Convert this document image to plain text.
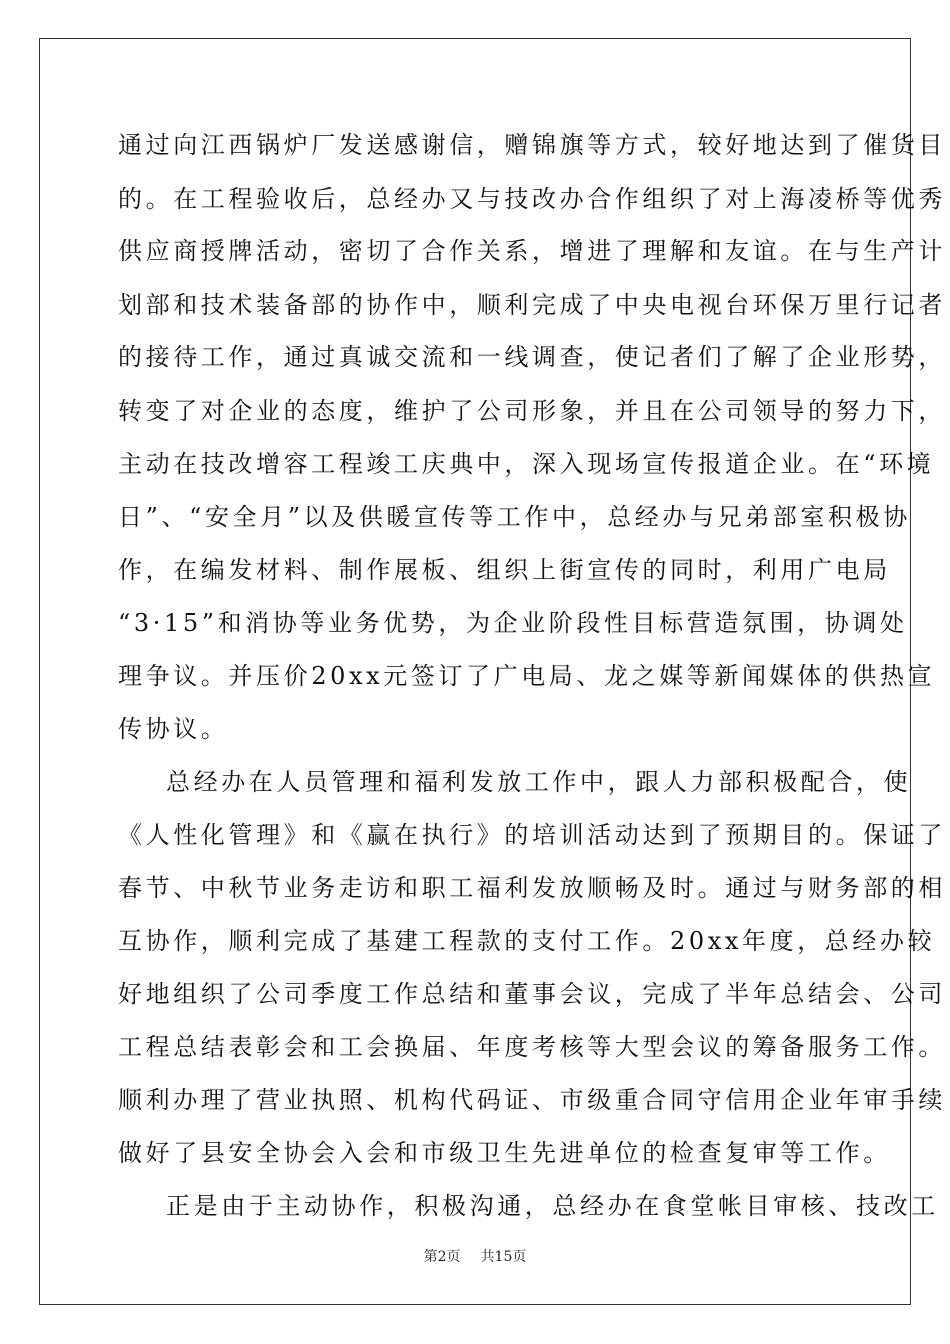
通过向江西锅炉厂发送感谢信，赠锦旗等方式，较好地达到了催货目
的。在工程验收后，总经办又与技改办合作组织了对上海凌桥等优秀
供应商授牌活动，密切了合作关系，增进了理解和友谊。在与生产计
划部和技术装备部的协作中，顺利完成了中央电视台环保万里行记者
的接待工作，通过真诚交流和一线调查，使记者们了解了企业形势，
转变了对企业的态度，维护了公司形象，并且在公司领导的努力下，
主动在技改增容工程竣工庆典中，深入现场宣传报道企业。在“环境
日”、“安全月”以及供暖宣传等工作中，总经办与兄弟部室积极协
作，在编发材料、制作展板、组织上街宣传的同时，利用广电局
“3·15”和消协等业务优势，为企业阶段性目标营造氛围，协调处
理争议。并压价20xx元签订了广电局、龙之媒等新闻媒体的供热宣
传协议。
总经办在人员管理和福利发放工作中，跟人力部积极配合，使
《人性化管理》和《赢在执行》的培训活动达到了预期目的。保证了
春节、中秋节业务走访和职工福利发放顺畅及时。通过与财务部的相
互协作，顺利完成了基建工程款的支付工作。20xx年度，总经办较
好地组织了公司季度工作总结和董事会议，完成了半年总结会、公司
工程总结表彰会和工会换届、年度考核等大型会议的筹备服务工作。
顺利办理了营业执照、机构代码证、市级重合同守信用企业年审手续
做好了县安全协会入会和市级卫生先进单位的检查复审等工作。
正是由于主动协作，积极沟通，总经办在食堂帐目审核、技改工
第2页 共15页
